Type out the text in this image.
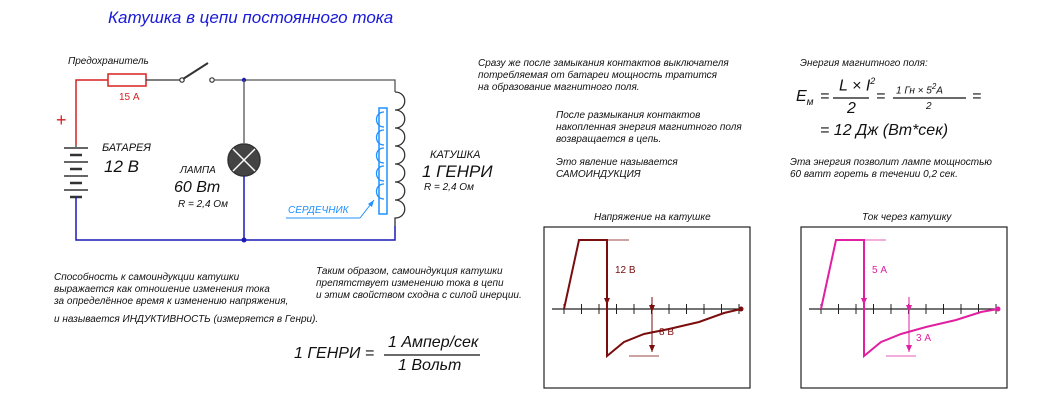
Катушка в цепи постоянного тока
Предохранитель
15 А
+
БАТАРЕЯ
12 В	ЛАМПА
60 Вт
R = 2,4 Ом
КАТУШКА
1 ГЕНРИ
R = 2,4 Ом
СЕРДЕЧНИК
Сразу же после замыкания контактов выключателя
потребляемая от батареи мощность тратится
на образование магнитного поля.
После размыкания контактов
накопленная энергия магнитного поля
возвращается в цепь.
Это явление называется
САМОИНДУКЦИЯ
Таким образом, самоиндукция катушки
препятствует изменению тока в цепи
и этим свойством сходна с силой инерции.
Способность к самоиндукции катушки
выражается как отношение изменения тока
за определённое время к изменению напряжения,
и называется ИНДУКТИВНОСТЬ (измеряется в Генри).
Энергия магнитного поля:
Эта энергия позволит лампе мощностью
60 ватт гореть в течении 0,2 сек.
$E_м$ =
$L \times I^2$
2
= 1 Гн × $5^2А$
2
=
= 12 Дж (Вт*сек)
1 ГЕНРИ =
1 Ампер/сек
1 Вольт
Напряжение на катушке	Ток через катушку
12 В
8 В
5 А
3 А
